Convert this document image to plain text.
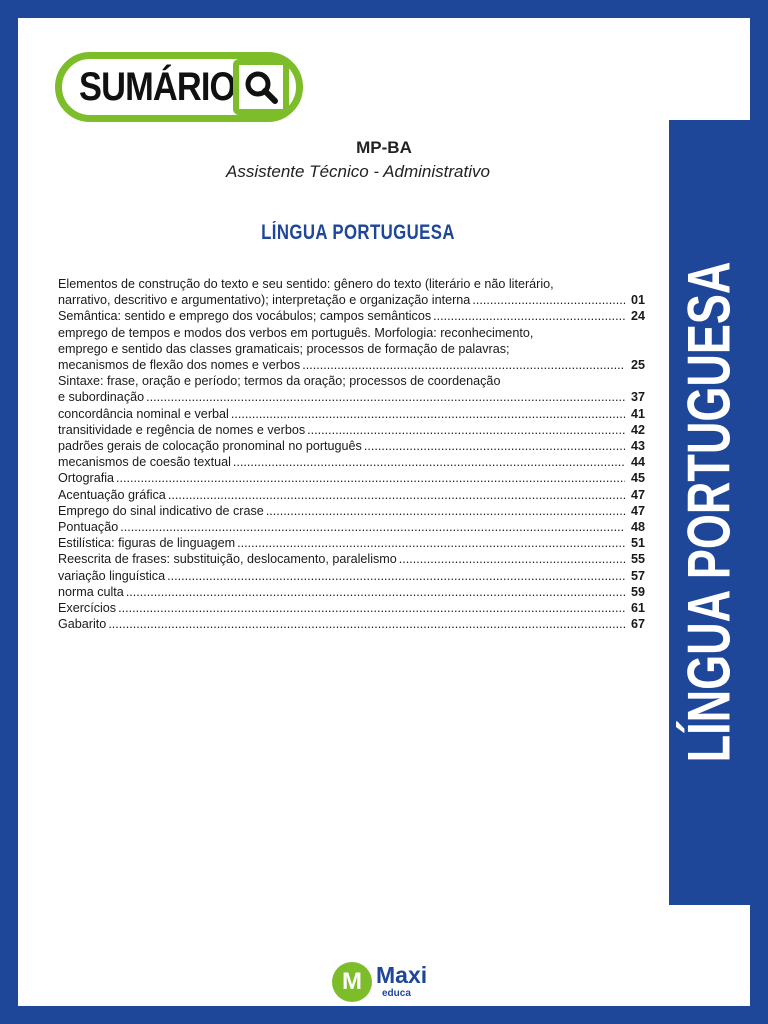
SUMÁRIO
MP-BA
Assistente Técnico - Administrativo
LÍNGUA PORTUGUESA
Elementos de construção do texto e seu sentido: gênero do texto (literário e não literário,
narrativo, descritivo e argumentativo); interpretação e organização interna .....	01
Semântica: sentido e emprego dos vocábulos; campos semânticos .....	24
emprego de tempos e modos dos verbos em português. Morfologia: reconhecimento,
emprego e sentido das classes gramaticais; processos de formação de palavras;
mecanismos de flexão dos nomes e verbos .....	25
Sintaxe: frase, oração e período; termos da oração; processos de coordenação
e subordinação .....	37
concordância nominal e verbal .....	41
transitividade e regência de nomes e verbos .....	42
padrões gerais de colocação pronominal no português .....	43
mecanismos de coesão textual .....	44
Ortografia .....	45
Acentuação gráfica .....	47
Emprego do sinal indicativo de crase .....	47
Pontuação .....	48
Estilística: figuras de linguagem .....	51
Reescrita de frases: substituição, deslocamento, paralelismo .....	55
variação linguística .....	57
norma culta .....	59
Exercícios .....	61
Gabarito .....	67 LÍNGUA PORTUGUESA
M Maxi
educa
